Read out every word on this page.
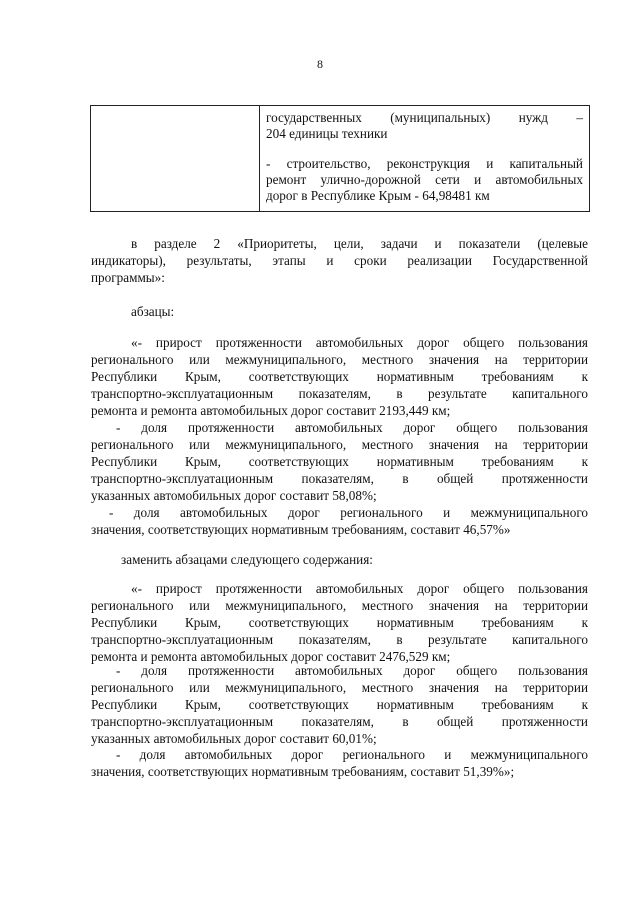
8
государственных (муниципальных) нужд –
204 единицы техники
- строительство, реконструкция и капитальный
ремонт улично-дорожной сети и автомобильных
дорог в Республике Крым - 64,98481 км
в разделе 2 «Приоритеты, цели, задачи и показатели (целевые
индикаторы), результаты, этапы и сроки реализации Государственной
программы»:
абзацы:
«- прирост протяженности автомобильных дорог общего пользования
регионального или межмуниципального, местного значения на территории
Республики Крым, соответствующих нормативным требованиям к
транспортно-эксплуатационным показателям, в результате капитального
ремонта и ремонта автомобильных дорог составит 2193,449 км;
- доля протяженности автомобильных дорог общего пользования
регионального или межмуниципального, местного значения на территории
Республики Крым, соответствующих нормативным требованиям к
транспортно-эксплуатационным показателям, в общей протяженности
указанных автомобильных дорог составит 58,08%;
- доля автомобильных дорог регионального и межмуниципального
значения, соответствующих нормативным требованиям, составит 46,57%»
заменить абзацами следующего содержания:
«- прирост протяженности автомобильных дорог общего пользования
регионального или межмуниципального, местного значения на территории
Республики Крым, соответствующих нормативным требованиям к
транспортно-эксплуатационным показателям, в результате капитального
ремонта и ремонта автомобильных дорог составит 2476,529 км;
- доля протяженности автомобильных дорог общего пользования
регионального или межмуниципального, местного значения на территории
Республики Крым, соответствующих нормативным требованиям к
транспортно-эксплуатационным показателям, в общей протяженности
указанных автомобильных дорог составит 60,01%;
- доля автомобильных дорог регионального и межмуниципального
значения, соответствующих нормативным требованиям, составит 51,39%»;
